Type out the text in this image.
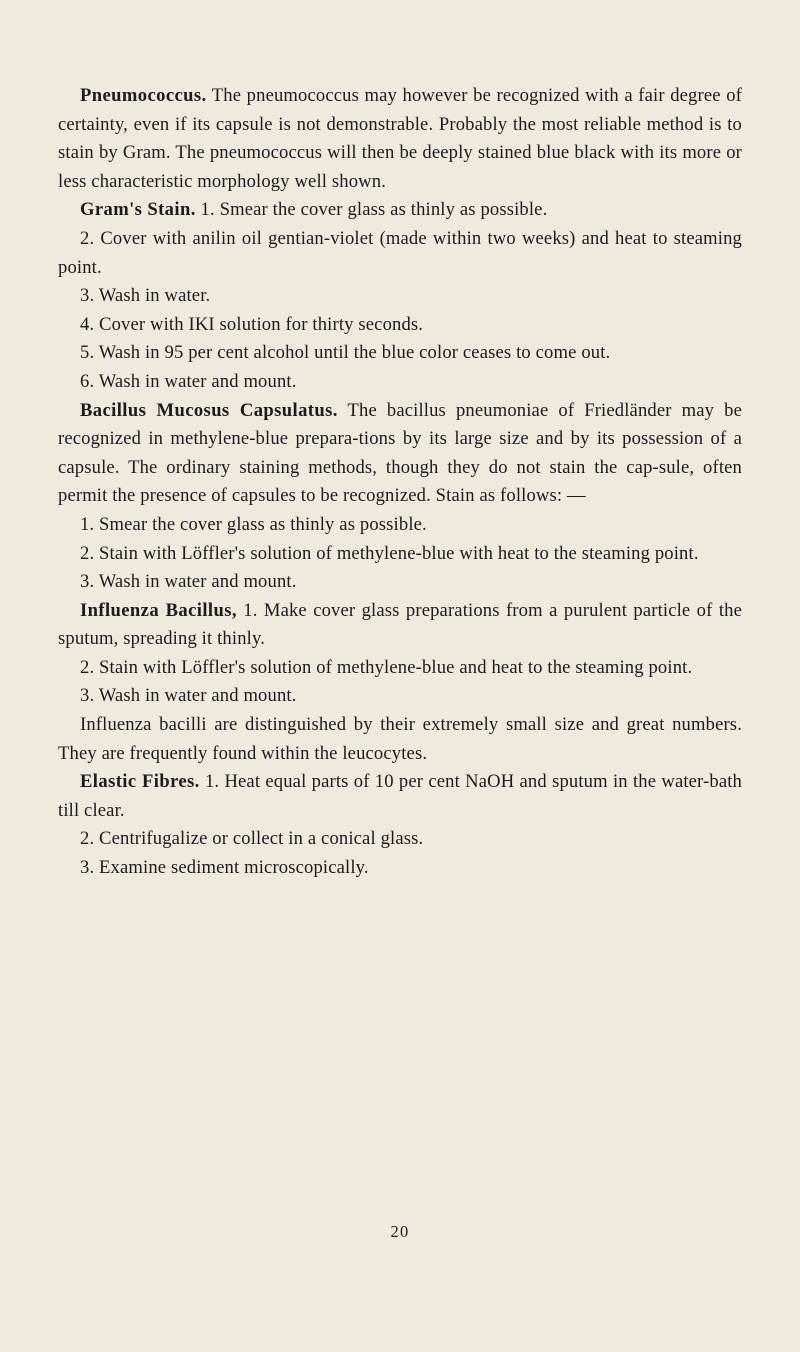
Pneumococcus. The pneumococcus may however be recognized with a fair degree of certainty, even if its capsule is not demonstrable. Probably the most reliable method is to stain by Gram. The pneumococcus will then be deeply stained blue black with its more or less characteristic morphology well shown.

Gram's Stain. 1. Smear the cover glass as thinly as possible.

2. Cover with anilin oil gentian-violet (made within two weeks) and heat to steaming point.

3. Wash in water.

4. Cover with IKI solution for thirty seconds.

5. Wash in 95 per cent alcohol until the blue color ceases to come out.

6. Wash in water and mount.

Bacillus Mucosus Capsulatus. The bacillus pneumoniae of Friedländer may be recognized in methylene-blue prepara-tions by its large size and by its possession of a capsule. The ordinary staining methods, though they do not stain the cap-sule, often permit the presence of capsules to be recognized. Stain as follows: —

1. Smear the cover glass as thinly as possible.

2. Stain with Löffler's solution of methylene-blue with heat to the steaming point.

3. Wash in water and mount.

Influenza Bacillus, 1. Make cover glass preparations from a purulent particle of the sputum, spreading it thinly.

2. Stain with Löffler's solution of methylene-blue and heat to the steaming point.

3. Wash in water and mount.

Influenza bacilli are distinguished by their extremely small size and great numbers. They are frequently found within the leucocytes.

Elastic Fibres. 1. Heat equal parts of 10 per cent NaOH and sputum in the water-bath till clear.

2. Centrifugalize or collect in a conical glass.

3. Examine sediment microscopically.

20
